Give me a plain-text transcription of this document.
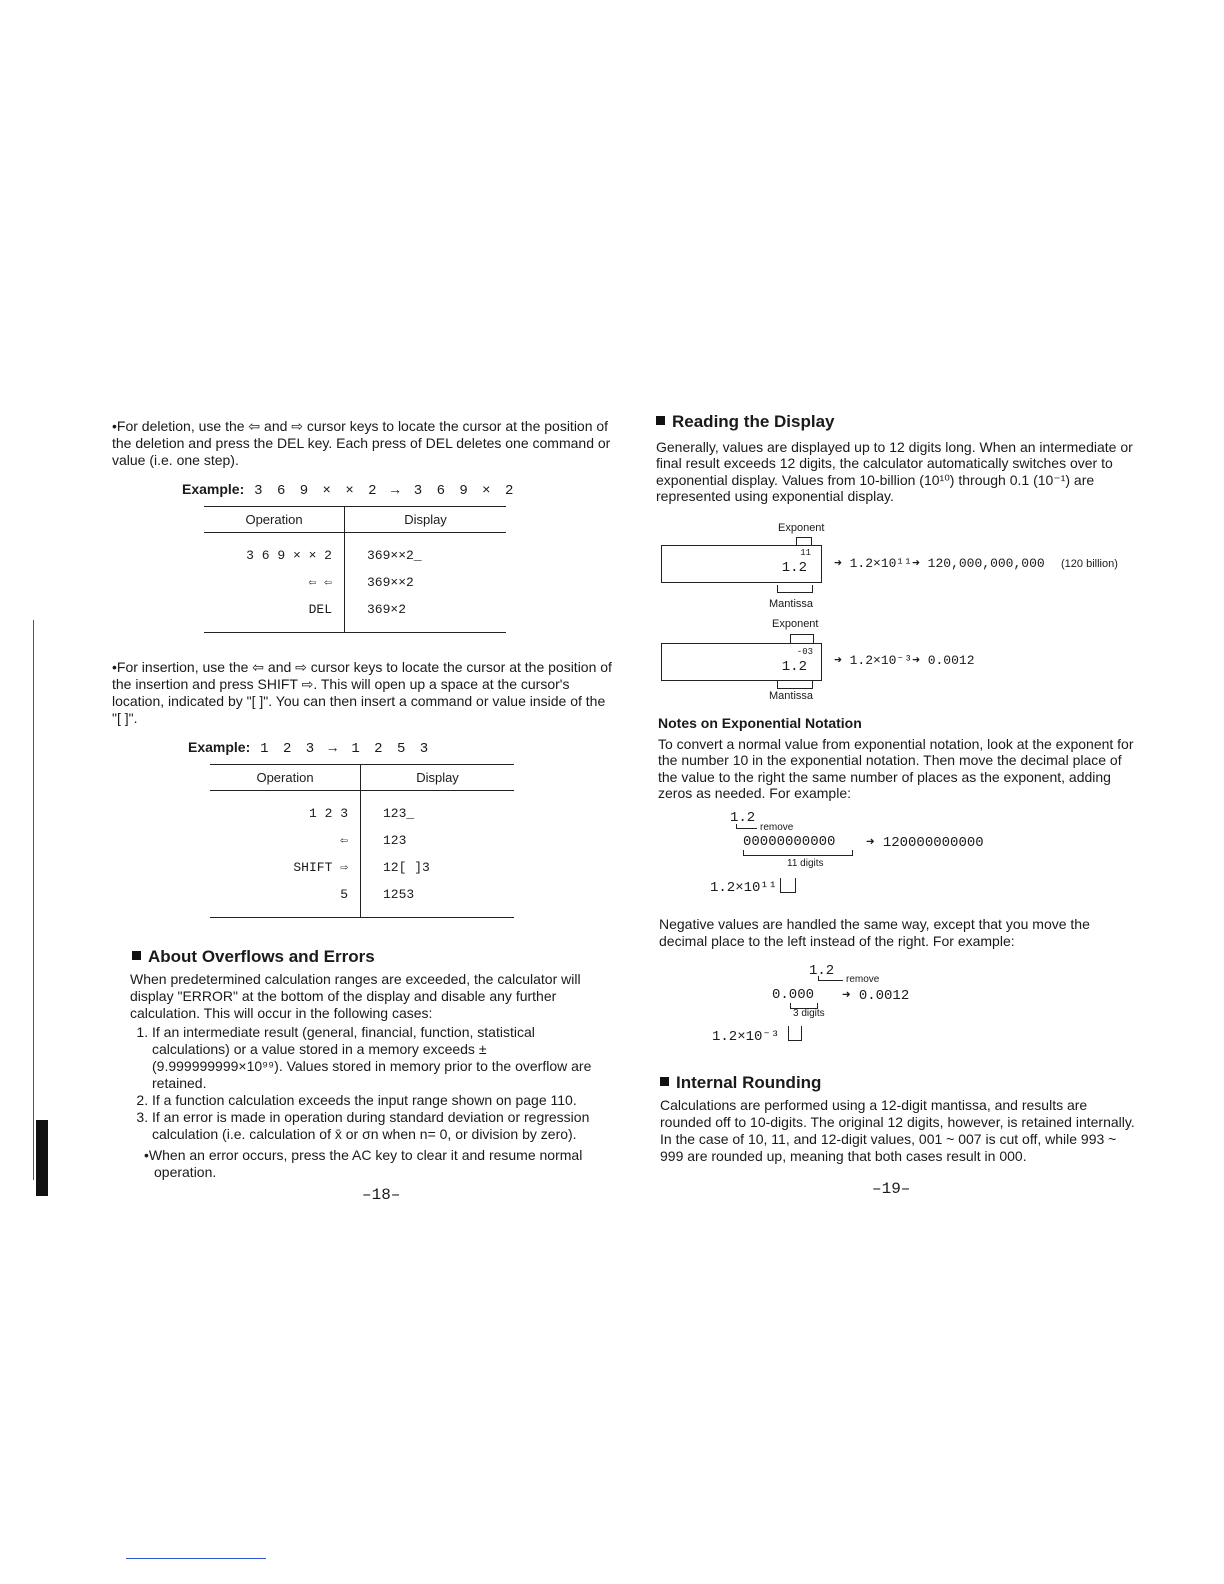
•For deletion, use the ⇦ and ⇨ cursor keys to locate the cursor at the position of the deletion and press the DEL key. Each press of DEL deletes one command or value (i.e. one step).

Example: 3 6 9 × × 2 → 3 6 9 × 2
Operation	Display
3 6 9 × × 2	369××2_
⇦ ⇦	369××2
DEL	369×2

•For insertion, use the ⇦ and ⇨ cursor keys to locate the cursor at the position of the insertion and press SHIFT ⇨. This will open up a space at the cursor's location, indicated by "[ ]". You can then insert a command or value inside of the "[ ]".

Example: 1 2 3 → 1 2 5 3
Operation	Display
1 2 3	123_
⇦	123
SHIFT ⇨	12[ ]3
5	1253
About Overflows and Errors

When predetermined calculation ranges are exceeded, the calculator will display "ERROR" at the bottom of the display and disable any further calculation. This will occur in the following cases:

1. If an intermediate result (general, financial, function, statistical calculations) or a value stored in a memory exceeds ±(9.999999999×10⁹⁹). Values stored in memory prior to the overflow are retained.
2. If a function calculation exceeds the input range shown on page 110.
3. If an error is made in operation during standard deviation or regression calculation (i.e. calculation of x̄ or σn when n= 0, or division by zero).

•When an error occurs, press the AC key to clear it and resume normal operation.

–18–
Reading the Display

Generally, values are displayed up to 12 digits long. When an intermediate or final result exceeds 12 digits, the calculator automatically switches over to exponential display. Values from 10-billion (10¹⁰) through 0.1 (10⁻¹) are represented using exponential display.

Exponent
11
1.2
Mantissa
➜ 1.2×10¹¹➜ 120,000,000,000 (120 billion)
Exponent
-03
1.2
Mantissa
➜ 1.2×10⁻³➜ 0.0012
Notes on Exponential Notation

To convert a normal value from exponential notation, look at the exponent for the number 10 in the exponential notation. Then move the decimal place of the value to the right the same number of places as the exponent, adding zeros as needed. For example:

1.2
remove
00000000000 ➜ 120000000000
11 digits
1.2×10¹¹
Negative values are handled the same way, except that you move the decimal place to the left instead of the right. For example:
1.2
remove
0.000 ➜ 0.0012
3 digits
1.2×10⁻³
Internal Rounding

Calculations are performed using a 12-digit mantissa, and results are rounded off to 10-digits. The original 12 digits, however, is retained internally. In the case of 10, 11, and 12-digit values, 001 ~ 007 is cut off, while 993 ~ 999 are rounded up, meaning that both cases result in 000.

–19–
